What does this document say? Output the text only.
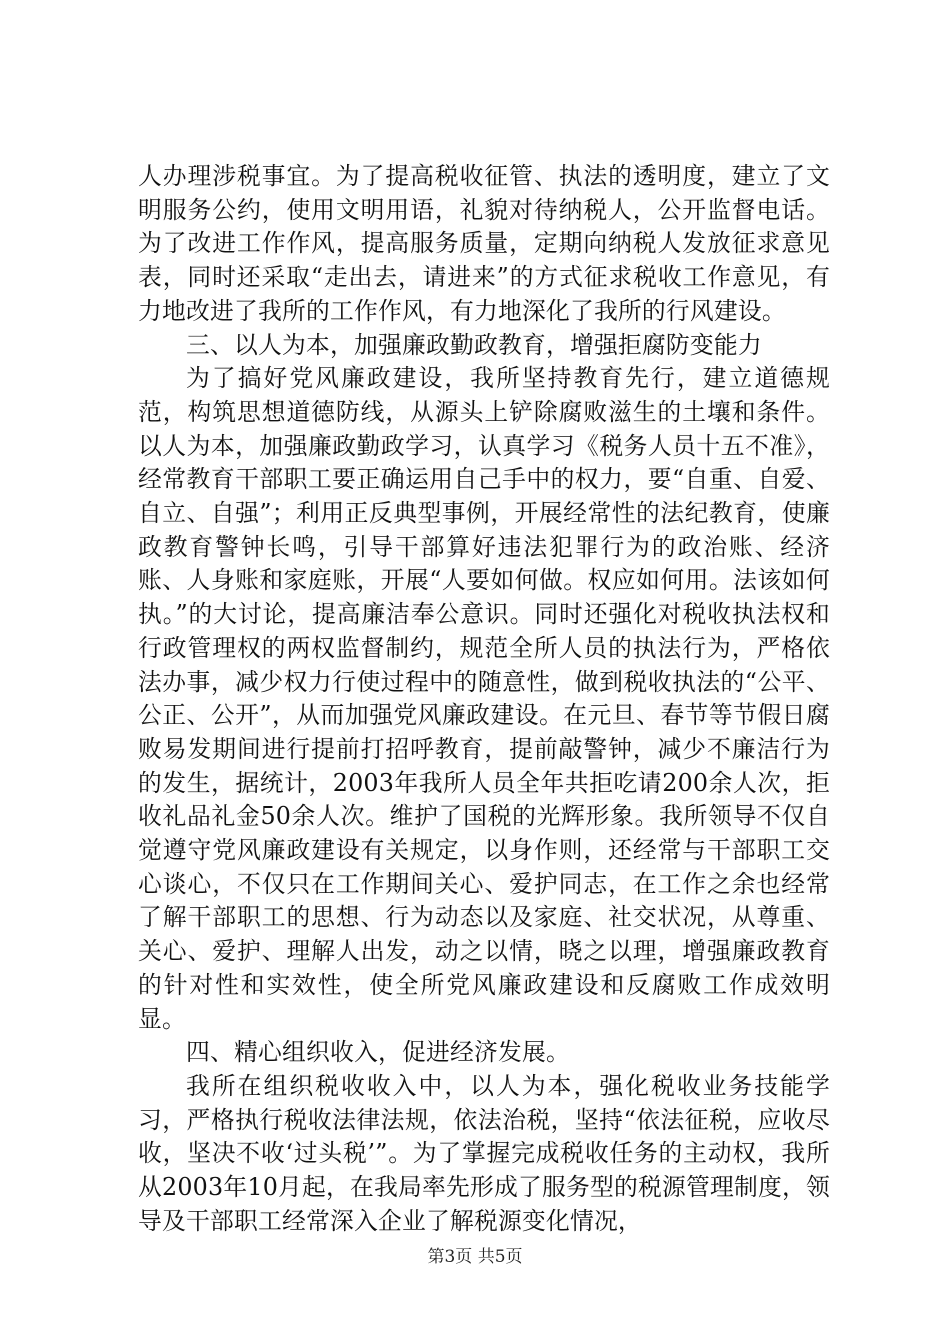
人办理涉税事宜。为了提高税收征管、执法的透明度，建立了文明服务公约，使用文明用语，礼貌对待纳税人，公开监督电话。为了改进工作作风，提高服务质量，定期向纳税人发放征求意见表，同时还采取“走出去，请进来”的方式征求税收工作意见，有力地改进了我所的工作作风，有力地深化了我所的行风建设。

三、以人为本，加强廉政勤政教育，增强拒腐防变能力

为了搞好党风廉政建设，我所坚持教育先行，建立道德规范，构筑思想道德防线，从源头上铲除腐败滋生的土壤和条件。以人为本，加强廉政勤政学习，认真学习《税务人员十五不准》，经常教育干部职工要正确运用自己手中的权力，要“自重、自爱、自立、自强”；利用正反典型事例，开展经常性的法纪教育，使廉政教育警钟长鸣，引导干部算好违法犯罪行为的政治账、经济账、人身账和家庭账，开展“人要如何做。权应如何用。法该如何执。”的大讨论，提高廉洁奉公意识。同时还强化对税收执法权和行政管理权的两权监督制约，规范全所人员的执法行为，严格依法办事，减少权力行使过程中的随意性，做到税收执法的“公平、公正、公开”，从而加强党风廉政建设。在元旦、春节等节假日腐败易发期间进行提前打招呼教育，提前敲警钟，减少不廉洁行为的发生，据统计，2003年我所人员全年共拒吃请200余人次，拒收礼品礼金50余人次。维护了国税的光辉形象。我所领导不仅自觉遵守党风廉政建设有关规定，以身作则，还经常与干部职工交心谈心，不仅只在工作期间关心、爱护同志，在工作之余也经常了解干部职工的思想、行为动态以及家庭、社交状况，从尊重、关心、爱护、理解人出发，动之以情，晓之以理，增强廉政教育的针对性和实效性，使全所党风廉政建设和反腐败工作成效明显。

四、精心组织收入，促进经济发展。

我所在组织税收收入中，以人为本，强化税收业务技能学习，严格执行税收法律法规，依法治税，坚持“依法征税，应收尽收，坚决不收‘过头税’”。为了掌握完成税收任务的主动权，我所从2003年10月起，在我局率先形成了服务型的税源管理制度，领导及干部职工经常深入企业了解税源变化情况，

第3页 共5页
